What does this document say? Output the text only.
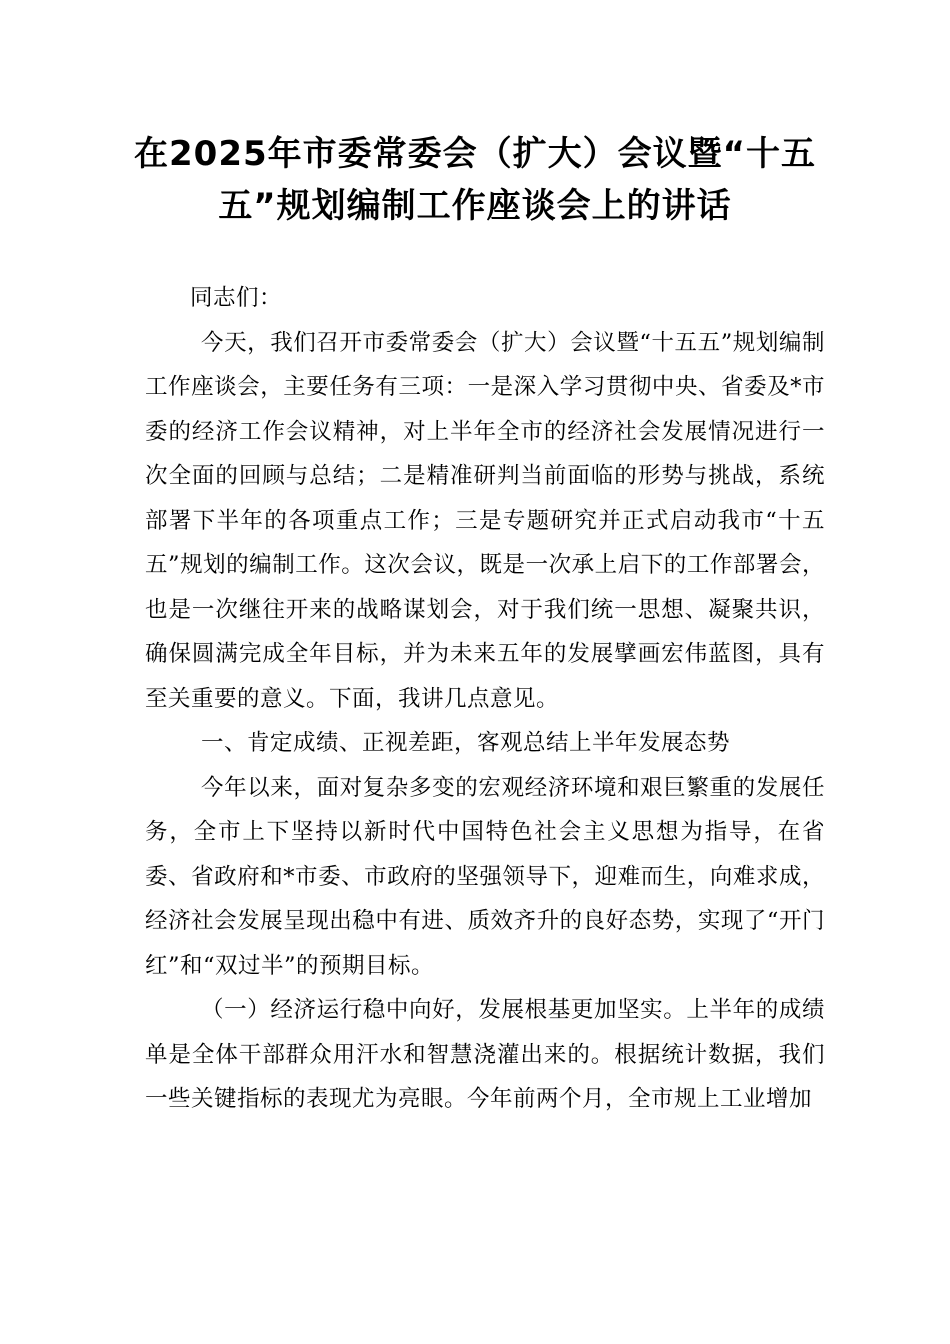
在2025年市委常委会（扩大）会议暨“十五五”规划编制工作座谈会上的讲话

同志们：

今天，我们召开市委常委会（扩大）会议暨“十五五”规划编制工作座谈会，主要任务有三项：一是深入学习贯彻中央、省委及*市委的经济工作会议精神，对上半年全市的经济社会发展情况进行一次全面的回顾与总结；二是精准研判当前面临的形势与挑战，系统部署下半年的各项重点工作；三是专题研究并正式启动我市“十五五”规划的编制工作。这次会议，既是一次承上启下的工作部署会，也是一次继往开来的战略谋划会，对于我们统一思想、凝聚共识，确保圆满完成全年目标，并为未来五年的发展擘画宏伟蓝图，具有至关重要的意义。下面，我讲几点意见。

一、肯定成绩、正视差距，客观总结上半年发展态势

今年以来，面对复杂多变的宏观经济环境和艰巨繁重的发展任务，全市上下坚持以新时代中国特色社会主义思想为指导，在省委、省政府和*市委、市政府的坚强领导下，迎难而生，向难求成，经济社会发展呈现出稳中有进、质效齐升的良好态势，实现了“开门红”和“双过半”的预期目标。

（一）经济运行稳中向好，发展根基更加坚实。上半年的成绩单是全体干部群众用汗水和智慧浇灌出来的。根据统计数据，我们一些关键指标的表现尤为亮眼。今年前两个月，全市规上工业增加
